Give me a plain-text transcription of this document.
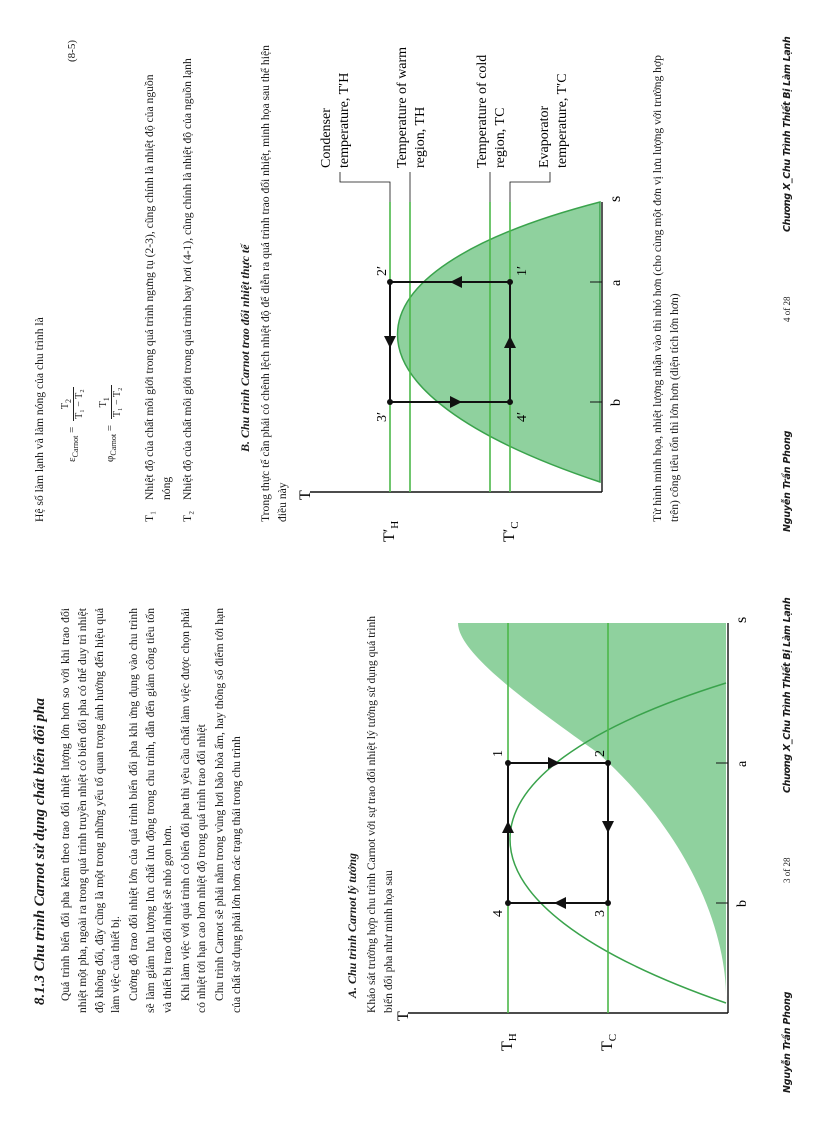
8.1.3 Chu trình Carnot sử dụng chất biến đổi pha Quá trình biến đổi pha kèm theo trao đổi nhiệt lượng lớn hơn so với khi trao đổi nhiệt một pha, ngoài ra trong quá trình truyền nhiệt có biến đổi pha có thể duy trì nhiệt độ không đổi, đây cũng là một trong những yếu tố quan trọng ảnh hưởng đến hiệu quả làm việc của thiết bị. Cường độ trao đổi nhiệt lớn của quá trình biến đổi pha khi ứng dụng vào chu trình sẽ làm giảm lưu lượng lưu chất lưu động trong chu trình, dẫn đến giảm công tiêu tốn và thiết bị trao đổi nhiệt sẽ nhỏ gọn hơn. Khi làm việc với quá trình có biến đổi pha thì yêu cầu chất làm việc được chọn phải có nhiệt tới hạn cao hơn nhiệt độ trong quá trình trao đổi nhiệt Chu trình Carnot sẽ phải nằm trong vùng hơi bão hòa ẩm, hay thông số điểm tới hạn của chất sử dụng phải lớn hơn các trạng thái trong chu trình	A. Chu trình Carnot lý tưởng Khảo sát trường hợp chu trình Carnot với sự trao đổi nhiệt lý tưởng sử dụng quá trình biến đổi pha như minh họa sau
T
s
$T_H$
$T_C$
1	2
3
4
a
b
Nguyễn Trần Phong
3 of 28
Chương X_Chu Trình Thiết Bị Làm Lạnh
Hệ số làm lạnh và làm nóng của chu trình là	$\varepsilon_{Carnot}$ =
$T_2$ T₁ − T₂
(8-5)
$\varphi_{Carnot}$ =
$T_1$ T₁ − T₂
T₁
Nhiệt độ của chất môi giới trong quá trình ngưng tụ (2-3), cũng chính là nhiệt độ của nguồn nóng
T₂
Nhiệt độ của chất môi giới trong quá trình bay hơi (4-1), cũng chính là nhiệt độ của nguồn lạnh	B. Chu trình Carnot trao đổi nhiệt thực tế Trong thực tế cần phải có chênh lệch nhiệt độ để diễn ra quá trình trao đổi nhiệt, minh họa sau thể hiện điều này T
s
$T'_H$
$T'_C$
1′
2′
3′	4′
a
b
Condenser temperature, T′H	Temperature of warm region, TH	Temperature of cold region, TC Evaporator temperature, T′C	Từ hình minh họa, nhiệt lượng nhận vào thì nhỏ hơn (cho cùng một đơn vị lưu lượng với trường hợp trên) công tiêu tốn thì lớn hơn (diện tích lớn hơn)	Nguyễn Trần Phong
4 of 28
Chương X_Chu Trình Thiết Bị Làm Lạnh
